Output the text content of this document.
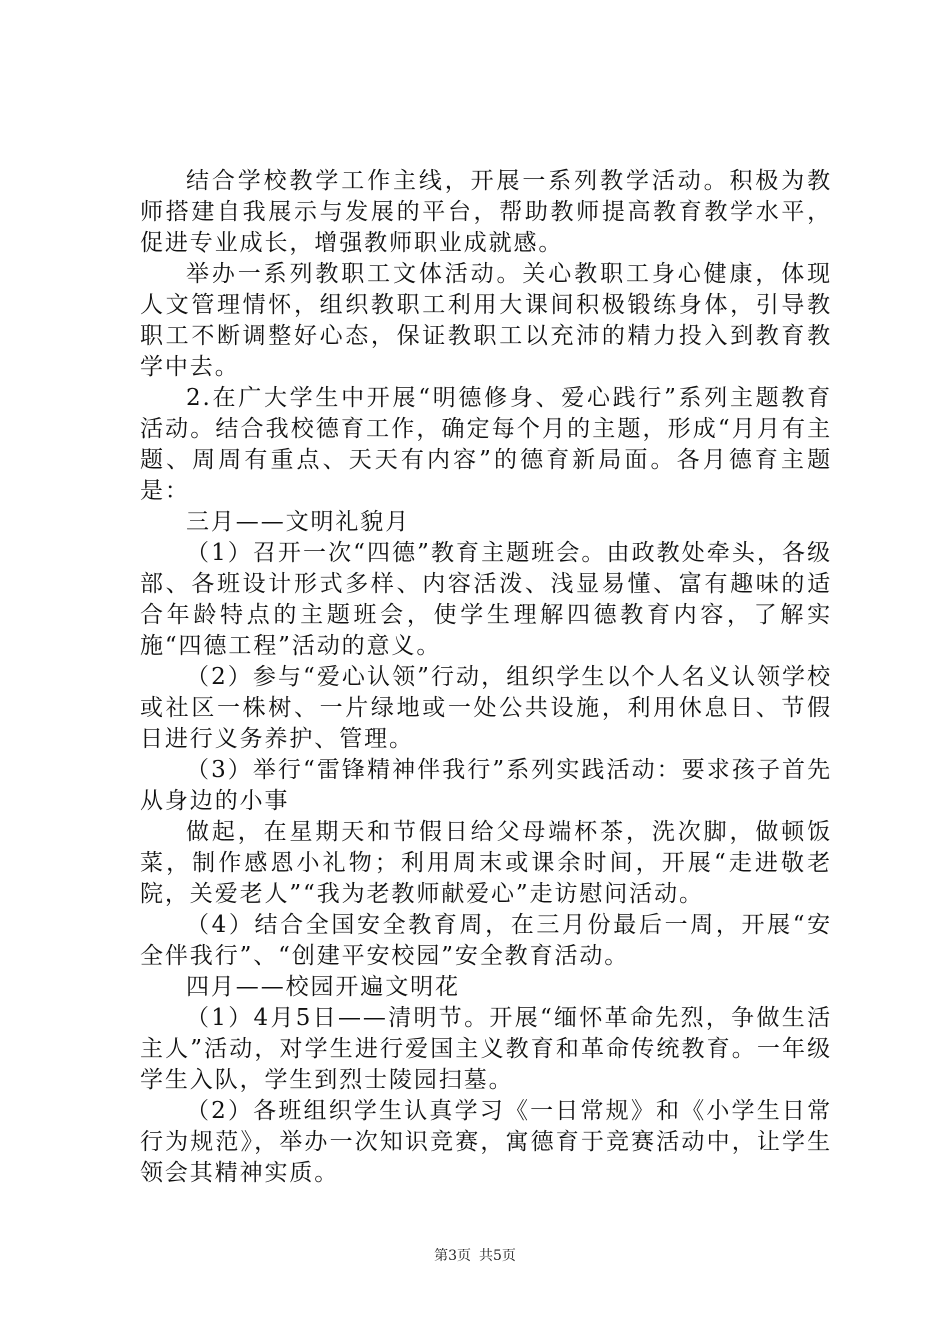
结合学校教学工作主线，开展一系列教学活动。积极为教师搭建自我展示与发展的平台，帮助教师提高教育教学水平，促进专业成长，增强教师职业成就感。

举办一系列教职工文体活动。关心教职工身心健康，体现人文管理情怀，组织教职工利用大课间积极锻练身体，引导教职工不断调整好心态，保证教职工以充沛的精力投入到教育教学中去。

2.在广大学生中开展“明德修身、爱心践行”系列主题教育活动。结合我校德育工作，确定每个月的主题，形成“月月有主题、周周有重点、天天有内容”的德育新局面。各月德育主题是：

三月——文明礼貌月

（1）召开一次“四德”教育主题班会。由政教处牵头，各级部、各班设计形式多样、内容活泼、浅显易懂、富有趣味的适合年龄特点的主题班会，使学生理解四德教育内容，了解实施“四德工程”活动的意义。

（2）参与“爱心认领”行动，组织学生以个人名义认领学校或社区一株树、一片绿地或一处公共设施，利用休息日、节假日进行义务养护、管理。

（3）举行“雷锋精神伴我行”系列实践活动：要求孩子首先从身边的小事

做起，在星期天和节假日给父母端杯茶，洗次脚，做顿饭菜，制作感恩小礼物；利用周末或课余时间，开展“走进敬老院，关爱老人”“我为老教师献爱心”走访慰问活动。

（4）结合全国安全教育周，在三月份最后一周，开展“安全伴我行”、“创建平安校园”安全教育活动。

四月——校园开遍文明花

（1）4月5日——清明节。开展“缅怀革命先烈，争做生活主人”活动，对学生进行爱国主义教育和革命传统教育。一年级学生入队，学生到烈士陵园扫墓。

（2）各班组织学生认真学习《一日常规》和《小学生日常行为规范》，举办一次知识竞赛，寓德育于竞赛活动中，让学生领会其精神实质。

第3页 共5页
